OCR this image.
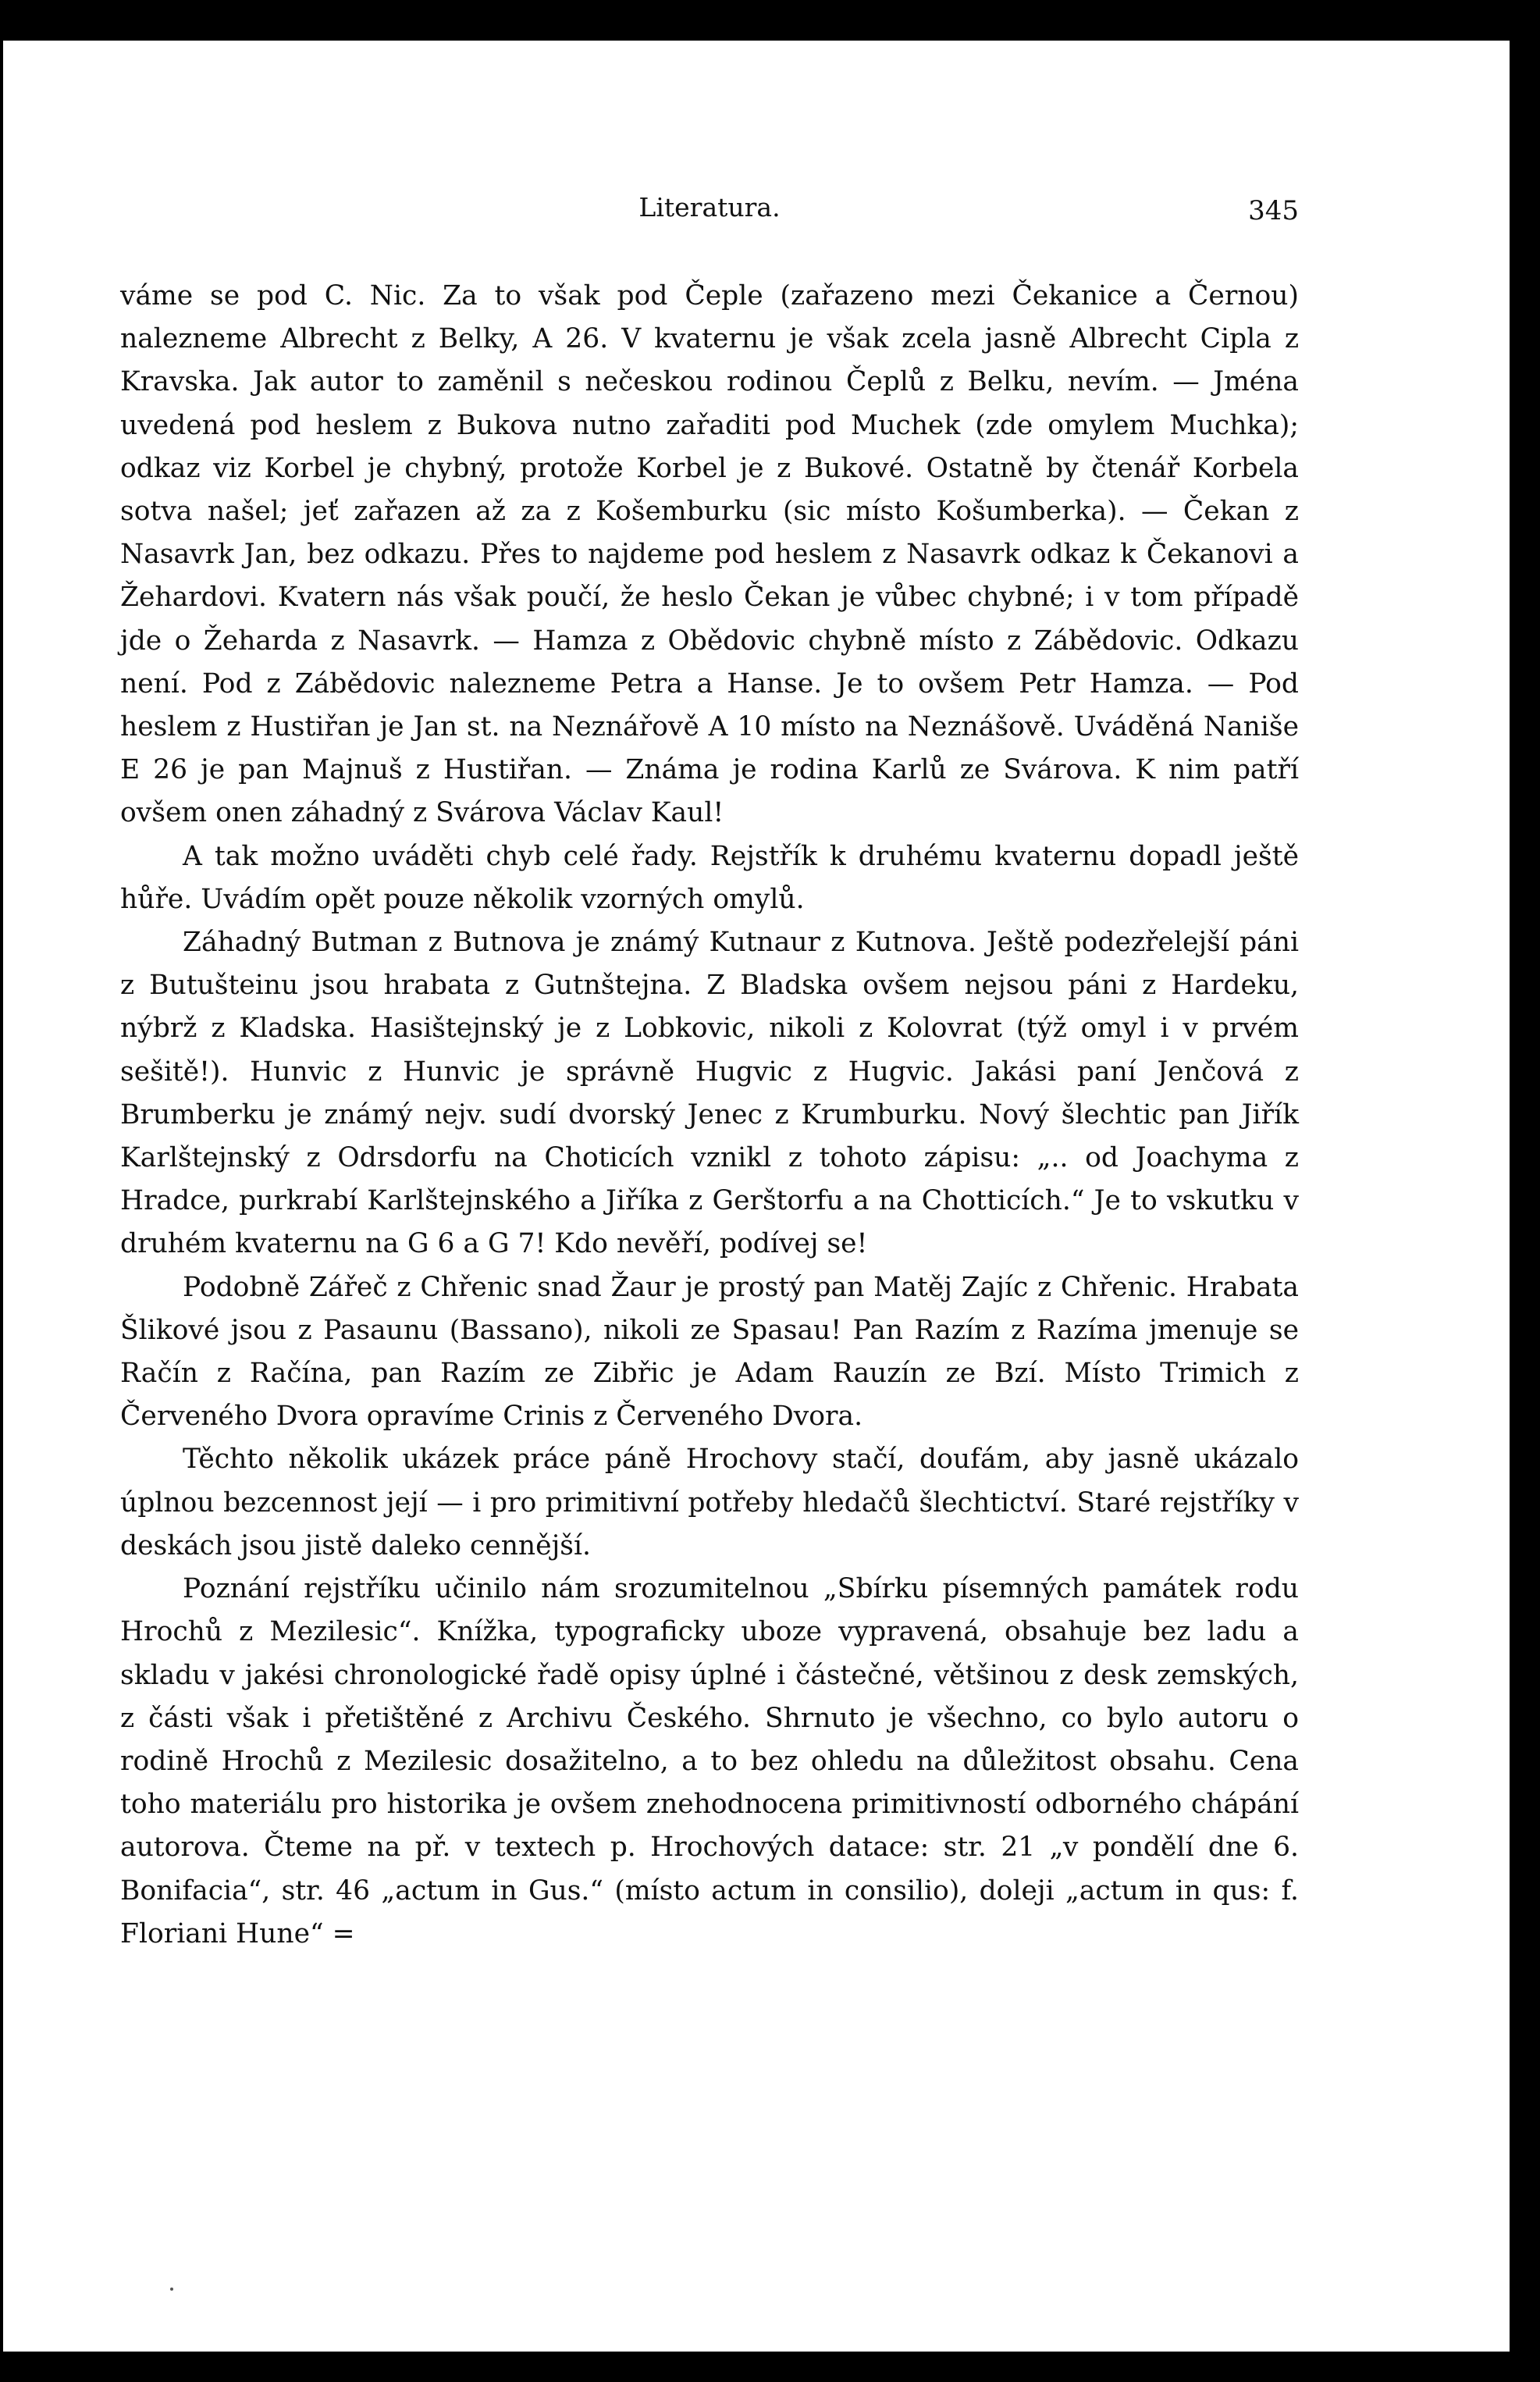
Literatura.	345

váme se pod C. Nic. Za to však pod Čeple (zařazeno mezi Čekanice a Černou) nalezneme Albrecht z Belky, A 26. V kvaternu je však zcela jasně Albrecht Cipla z Kravska. Jak autor to zaměnil s nečeskou rodinou Čeplů z Belku, nevím. — Jména uvedená pod heslem z Bukova nutno zařaditi pod Muchek (zde omylem Muchka); odkaz viz Korbel je chybný, protože Korbel je z Bukové. Ostatně by čtenář Korbela sotva našel; jeť zařazen až za z Košemburku (sic místo Košumberka). — Čekan z Nasavrk Jan, bez odkazu. Přes to najdeme pod heslem z Nasavrk odkaz k Čekanovi a Žehardovi. Kvatern nás však poučí, že heslo Čekan je vůbec chybné; i v tom případě jde o Žeharda z Nasavrk. — Hamza z Obědovic chybně místo z Zábědovic. Odkazu není. Pod z Zábědovic nalezneme Petra a Hanse. Je to ovšem Petr Hamza. — Pod heslem z Hustiřan je Jan st. na Neznářově A 10 místo na Neznášově. Uváděná Naniše E 26 je pan Majnuš z Hustiřan. — Známa je rodina Karlů ze Svárova. K nim patří ovšem onen záhadný z Svárova Václav Kaul!

A tak možno uváděti chyb celé řady. Rejstřík k druhému kvaternu dopadl ještě hůře. Uvádím opět pouze několik vzorných omylů.

Záhadný Butman z Butnova je známý Kutnaur z Kutnova. Ještě podezřelejší páni z Butušteinu jsou hrabata z Gutnštejna. Z Bladska ovšem nejsou páni z Hardeku, nýbrž z Kladska. Hasištejnský je z Lobkovic, nikoli z Kolovrat (týž omyl i v prvém sešitě!). Hunvic z Hunvic je správně Hugvic z Hugvic. Jakási paní Jenčová z Brumberku je známý nejv. sudí dvorský Jenec z Krumburku. Nový šlechtic pan Jiřík Karlštejnský z Odrsdorfu na Choticích vznikl z tohoto zápisu: „.. od Joachyma z Hradce, purkrabí Karlštejnského a Jiříka z Gerštorfu a na Chotticích.“ Je to vskutku v druhém kvaternu na G 6 a G 7! Kdo nevěří, podívej se!

Podobně Zářeč z Chřenic snad Žaur je prostý pan Matěj Zajíc z Chřenic. Hrabata Šlikové jsou z Pasaunu (Bassano), nikoli ze Spasau! Pan Razím z Razíma jmenuje se Račín z Račína, pan Razím ze Zibřic je Adam Rauzín ze Bzí. Místo Trimich z Červeného Dvora opravíme Crinis z Červeného Dvora.

Těchto několik ukázek práce páně Hrochovy stačí, doufám, aby jasně ukázalo úplnou bezcennost její — i pro primitivní potřeby hledačů šlechtictví. Staré rejstříky v deskách jsou jistě daleko cennější.

Poznání rejstříku učinilo nám srozumitelnou „Sbírku písemných památek rodu Hrochů z Mezilesic“. Knížka, typograficky uboze vypravená, obsahuje bez ladu a skladu v jakési chronologické řadě opisy úplné i částečné, většinou z desk zemských, z části však i přetištěné z Archivu Českého. Shrnuto je všechno, co bylo autoru o rodině Hrochů z Mezilesic dosažitelno, a to bez ohledu na důležitost obsahu. Cena toho materiálu pro historika je ovšem znehodnocena primitivností odborného chápání autorova. Čteme na př. v textech p. Hrochových datace: str. 21 „v pondělí dne 6. Bonifacia“, str. 46 „actum in Gus.“ (místo actum in consilio), doleji „actum in qus: f. Floriani Hune“ =
